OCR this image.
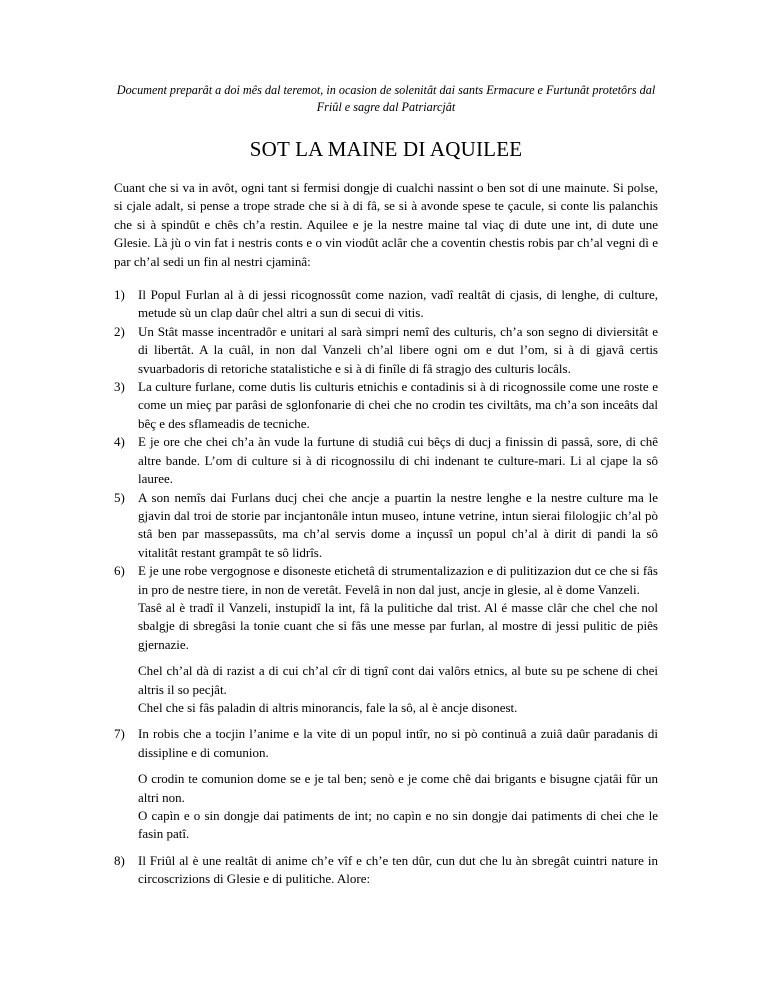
Document preparât a doi mês dal teremot, in ocasion de solenitât dai sants Ermacure e Furtunât protetôrs dal Friûl e sagre dal Patriarcjât

SOT LA MAINE DI AQUILEE

Cuant che si va in avôt, ogni tant si fermisi dongje di cualchi nassint o ben sot di une mainute. Si polse, si cjale adalt, si pense a trope strade che si à di fâ, se si à avonde spese te çacule, si conte lis palanchis che si à spindût e chês ch’a restin. Aquilee e je la nestre maine tal viaç di dute une int, di dute une Glesie. Là jù o vin fat i nestris conts e o vin viodût aclâr che a coventin chestis robis par ch’al vegni dì e par ch’al sedi un fin al nestri cjaminâ:

1) Il Popul Furlan al à di jessi ricognossût come nazion, vadî realtât di cjasis, di lenghe, di culture, metude sù un clap daûr chel altri a sun di secui di vitis.

2) Un Stât masse incentradôr e unitari al sarà simpri nemî des culturis, ch’a son segno di diviersitât e di libertât. A la cuâl, in non dal Vanzeli ch’al libere ogni om e dut l’om, si à di gjavâ certis svuarbadoris di retoriche statalistiche e si à di finîle di fâ stragjo des culturis locâls.

3) La culture furlane, come dutis lis culturis etnichis e contadinis si à di ricognossile come une roste e come un mieç par parâsi de sglonfonarie di chei che no crodin tes civiltâts, ma ch’a son inceâts dal bêç e des sflameadis de tecniche.

4) E je ore che chei ch’a àn vude la furtune di studiâ cui bêçs di ducj a finissin di passâ, sore, di chê altre bande. L’om di culture si à di ricognossilu di chi indenant te culture-mari. Li al cjape la sô lauree.

5) A son nemîs dai Furlans ducj chei che ancje a puartin la nestre lenghe e la nestre culture ma le gjavin dal troi de storie par incjantonâle intun museo, intune vetrine, intun sierai filologjic ch’al pò stâ ben par massepassûts, ma ch’al servis dome a inçussî un popul ch’al à dirit di pandi la sô vitalitât restant grampât te sô lidrîs.

6) E je une robe vergognose e disoneste etichetâ di strumentalizazion e di pulitizazion dut ce che si fâs in pro de nestre tiere, in non de veretât. Fevelâ in non dal just, ancje in glesie, al è dome Vanzeli.

Tasê al è tradî il Vanzeli, instupidî la int, fâ la pulitiche dal trist. Al é masse clâr che chel che nol sbalgje di sbregâsi la tonie cuant che si fâs une messe par furlan, al mostre di jessi pulitic de piês gjernazie.

Chel ch’al dà di razist a di cui ch’al cîr di tignî cont dai valôrs etnics, al bute su pe schene di chei altris il so pecjât.

Chel che si fâs paladin di altris minorancis, fale la sô, al è ancje disonest.

7) In robis che a tocjin l’anime e la vite di un popul intîr, no si pò continuâ a zuiâ daûr paradanis di dissipline e di comunion.

O crodin te comunion dome se e je tal ben; senò e je come chê dai brigants e bisugne cjatâi fûr un altri non.

O capìn e o sin dongje dai patiments de int; no capìn e no sin dongje dai patiments di chei che le fasin patî.

8) Il Friûl al è une realtât di anime ch’e vîf e ch’e ten dûr, cun dut che lu àn sbregât cuintri nature in circoscrizions di Glesie e di pulitiche. Alore:
